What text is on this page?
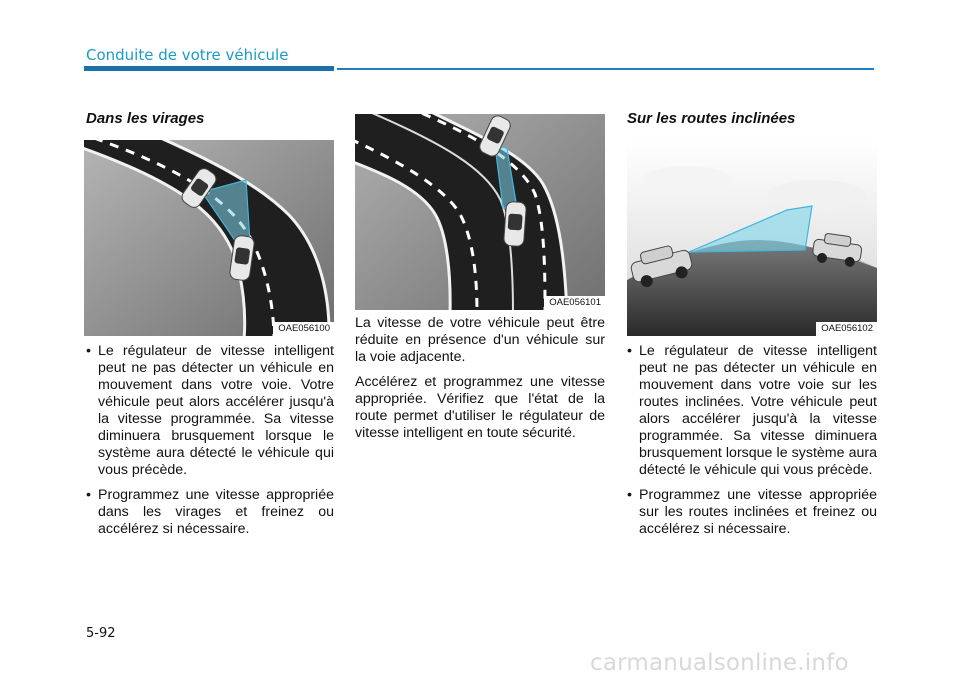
Conduite de votre véhicule
Dans les virages
OAE056100
• Le régulateur de vitesse intelligent peut ne pas détecter un véhicule en mouvement dans votre voie. Votre véhicule peut alors accélérer jusqu'à la vitesse programmée. Sa vitesse diminuera brusquement lorsque le système aura détecté le véhicule qui vous précède.
• Programmez une vitesse appropriée dans les virages et freinez ou accélérez si nécessaire.
OAE056101

La vitesse de votre véhicule peut être réduite en présence d'un véhicule sur la voie adjacente.

Accélérez et programmez une vitesse appropriée. Vérifiez que l'état de la route permet d'utiliser le régulateur de vitesse intelligent en toute sécurité.

Sur les routes inclinées
OAE056102
• Le régulateur de vitesse intelligent peut ne pas détecter un véhicule en mouvement dans votre voie sur les routes inclinées. Votre véhicule peut alors accélérer jusqu'à la vitesse programmée. Sa vitesse diminuera brusquement lorsque le système aura détecté le véhicule qui vous précède.
• Programmez une vitesse appropriée sur les routes inclinées et freinez ou accélérez si nécessaire.
5-92
carmanualsonline.info
